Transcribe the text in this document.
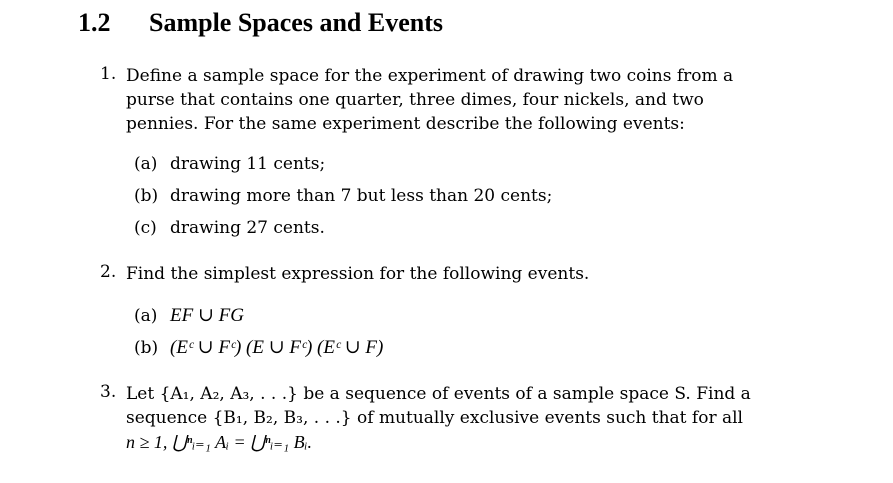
1.2 Sample Spaces and Events
1. Define a sample space for the experiment of drawing two coins from a purse that contains one quarter, three dimes, four nickels, and two pennies. For the same experiment describe the following events:
(a) drawing 11 cents;
(b) drawing more than 7 but less than 20 cents;
(c) drawing 27 cents.
2. Find the simplest expression for the following events.
(a) EF ∪ FG
(b) (Eᶜ ∪ Fᶜ) (E ∪ Fᶜ) (Eᶜ ∪ F)
3. Let {A₁, A₂, A₃, . . .} be a sequence of events of a sample space S. Find a sequence {B₁, B₂, B₃, . . .} of mutually exclusive events such that for all
n ≥ 1, ⋃ⁿᵢ₌₁ Aᵢ = ⋃ⁿᵢ₌₁ Bᵢ.
